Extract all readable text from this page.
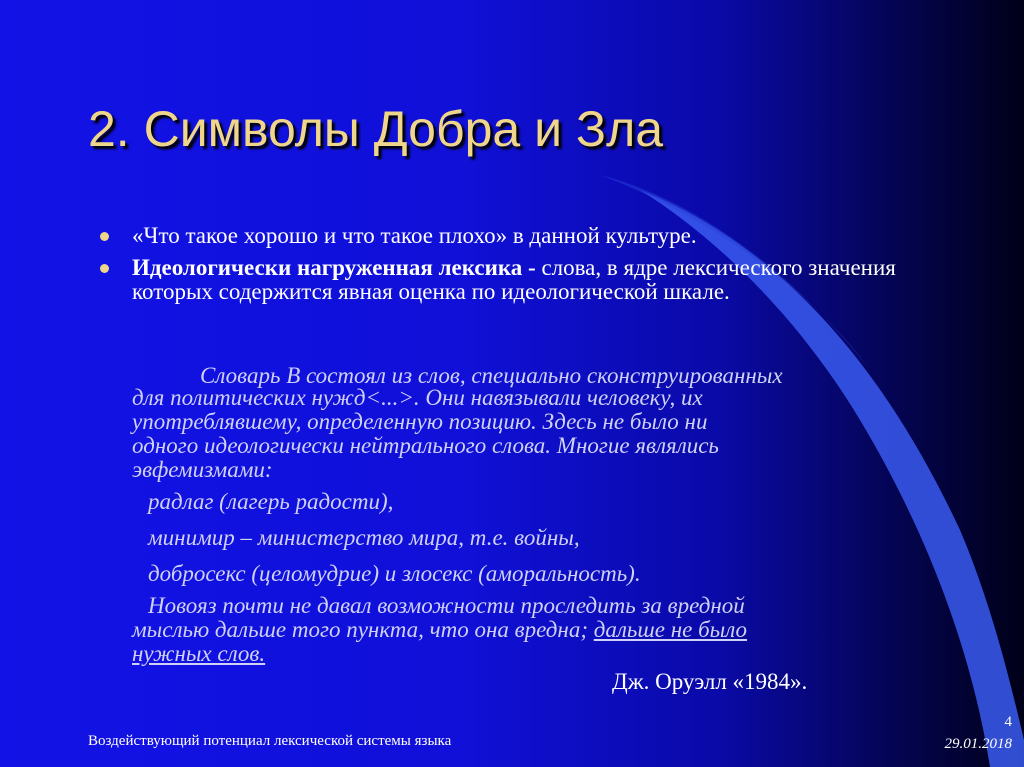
2. Символы Добра и Зла
«Что такое хорошо и что такое плохо» в данной культуре.
Идеологически нагруженная лексика - слова, в ядре лексического значения которых содержится явная оценка по идеологической шкале.
Словарь В состоял из слов, специально сконструированных
для политических нужд<...>. Они навязывали человеку, их
употреблявшему, определенную позицию. Здесь не было ни
одного идеологически нейтрального слова. Многие являлись
эвфемизмами:
радлаг (лагерь радости),
минимир – министерство мира, т.е. войны,
добросекс (целомудрие) и злосекс (аморальность).
Новояз почти не давал возможности проследить за вредной
мыслью дальше того пункта, что она вредна; дальше не было
нужных слов.
Дж. Оруэлл «1984».
Воздействующий потенциал лексической системы языка
4
29.01.2018
